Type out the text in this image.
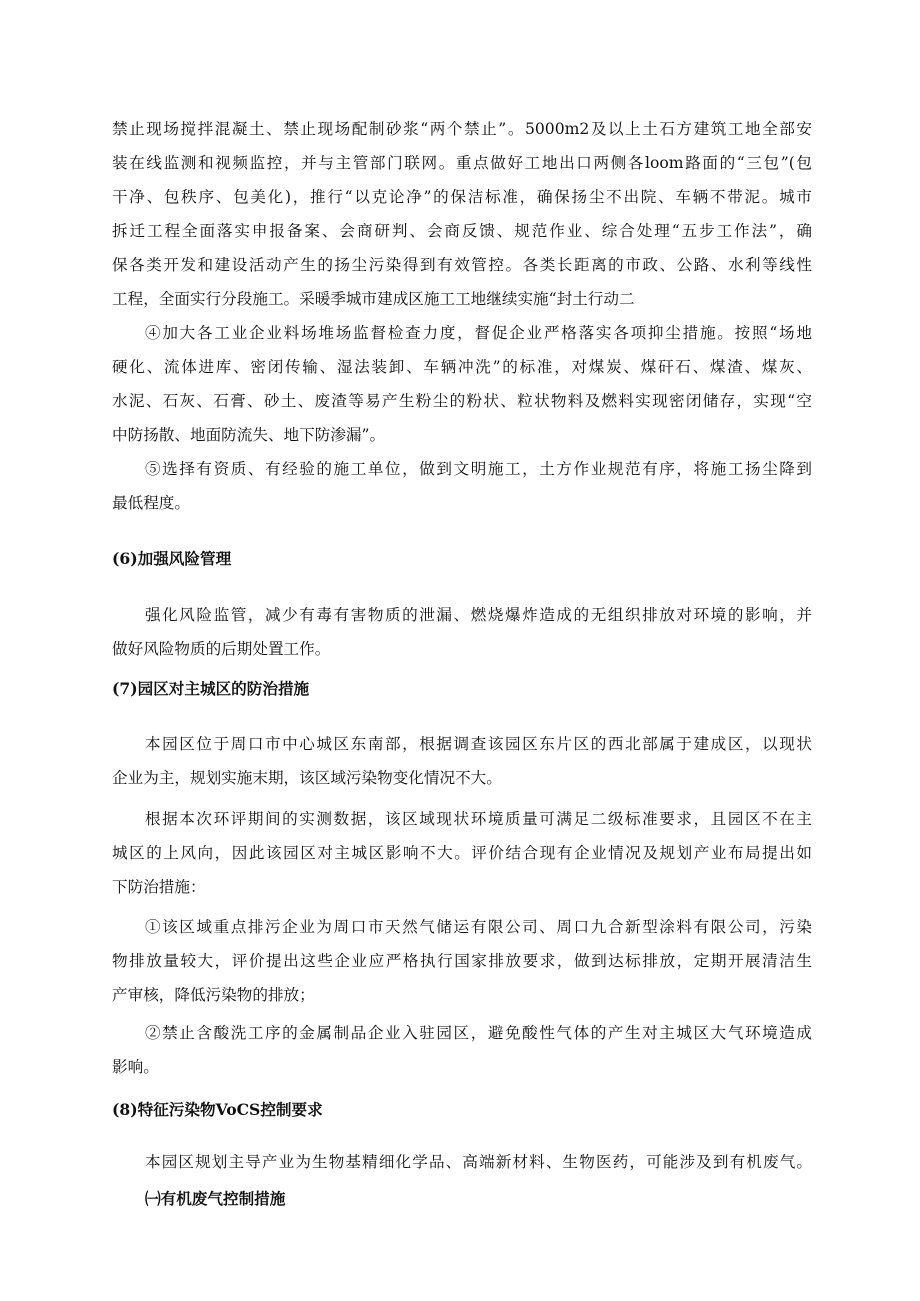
禁止现场搅拌混凝土、禁止现场配制砂浆“两个禁止”。5000m2及以上土石方建筑工地全部安
装在线监测和视频监控，并与主管部门联网。重点做好工地出口两侧各loom路面的“三包”(包
干净、包秩序、包美化)，推行“以克论净”的保洁标准，确保扬尘不出院、车辆不带泥。城市
拆迁工程全面落实申报备案、会商研判、会商反馈、规范作业、综合处理“五步工作法”，确
保各类开发和建设活动产生的扬尘污染得到有效管控。各类长距离的市政、公路、水利等线性
工程，全面实行分段施工。采暖季城市建成区施工工地继续实施“封土行动二
④加大各工业企业料场堆场监督检查力度，督促企业严格落实各项抑尘措施。按照“场地
硬化、流体进库、密闭传输、湿法装卸、车辆冲洗”的标准，对煤炭、煤矸石、煤渣、煤灰、
水泥、石灰、石膏、砂土、废渣等易产生粉尘的粉状、粒状物料及燃料实现密闭储存，实现“空
中防扬散、地面防流失、地下防渗漏”。
⑤选择有资质、有经验的施工单位，做到文明施工，土方作业规范有序，将施工扬尘降到
最低程度。
(6)加强风险管理
强化风险监管，减少有毒有害物质的泄漏、燃烧爆炸造成的无组织排放对环境的影响，并
做好风险物质的后期处置工作。
(7)园区对主城区的防治措施
本园区位于周口市中心城区东南部，根据调查该园区东片区的西北部属于建成区，以现状
企业为主，规划实施末期，该区域污染物变化情况不大。
根据本次环评期间的实测数据，该区域现状环境质量可满足二级标准要求，且园区不在主
城区的上风向，因此该园区对主城区影响不大。评价结合现有企业情况及规划产业布局提出如
下防治措施：
①该区域重点排污企业为周口市天然气储运有限公司、周口九合新型涂料有限公司，污染
物排放量较大，评价提出这些企业应严格执行国家排放要求，做到达标排放，定期开展清洁生
产审核，降低污染物的排放；
②禁止含酸洗工序的金属制品企业入驻园区，避免酸性气体的产生对主城区大气环境造成
影响。
(8)特征污染物VoCS控制要求
本园区规划主导产业为生物基精细化学品、高端新材料、生物医药，可能涉及到有机废气。
㈠有机废气控制措施
